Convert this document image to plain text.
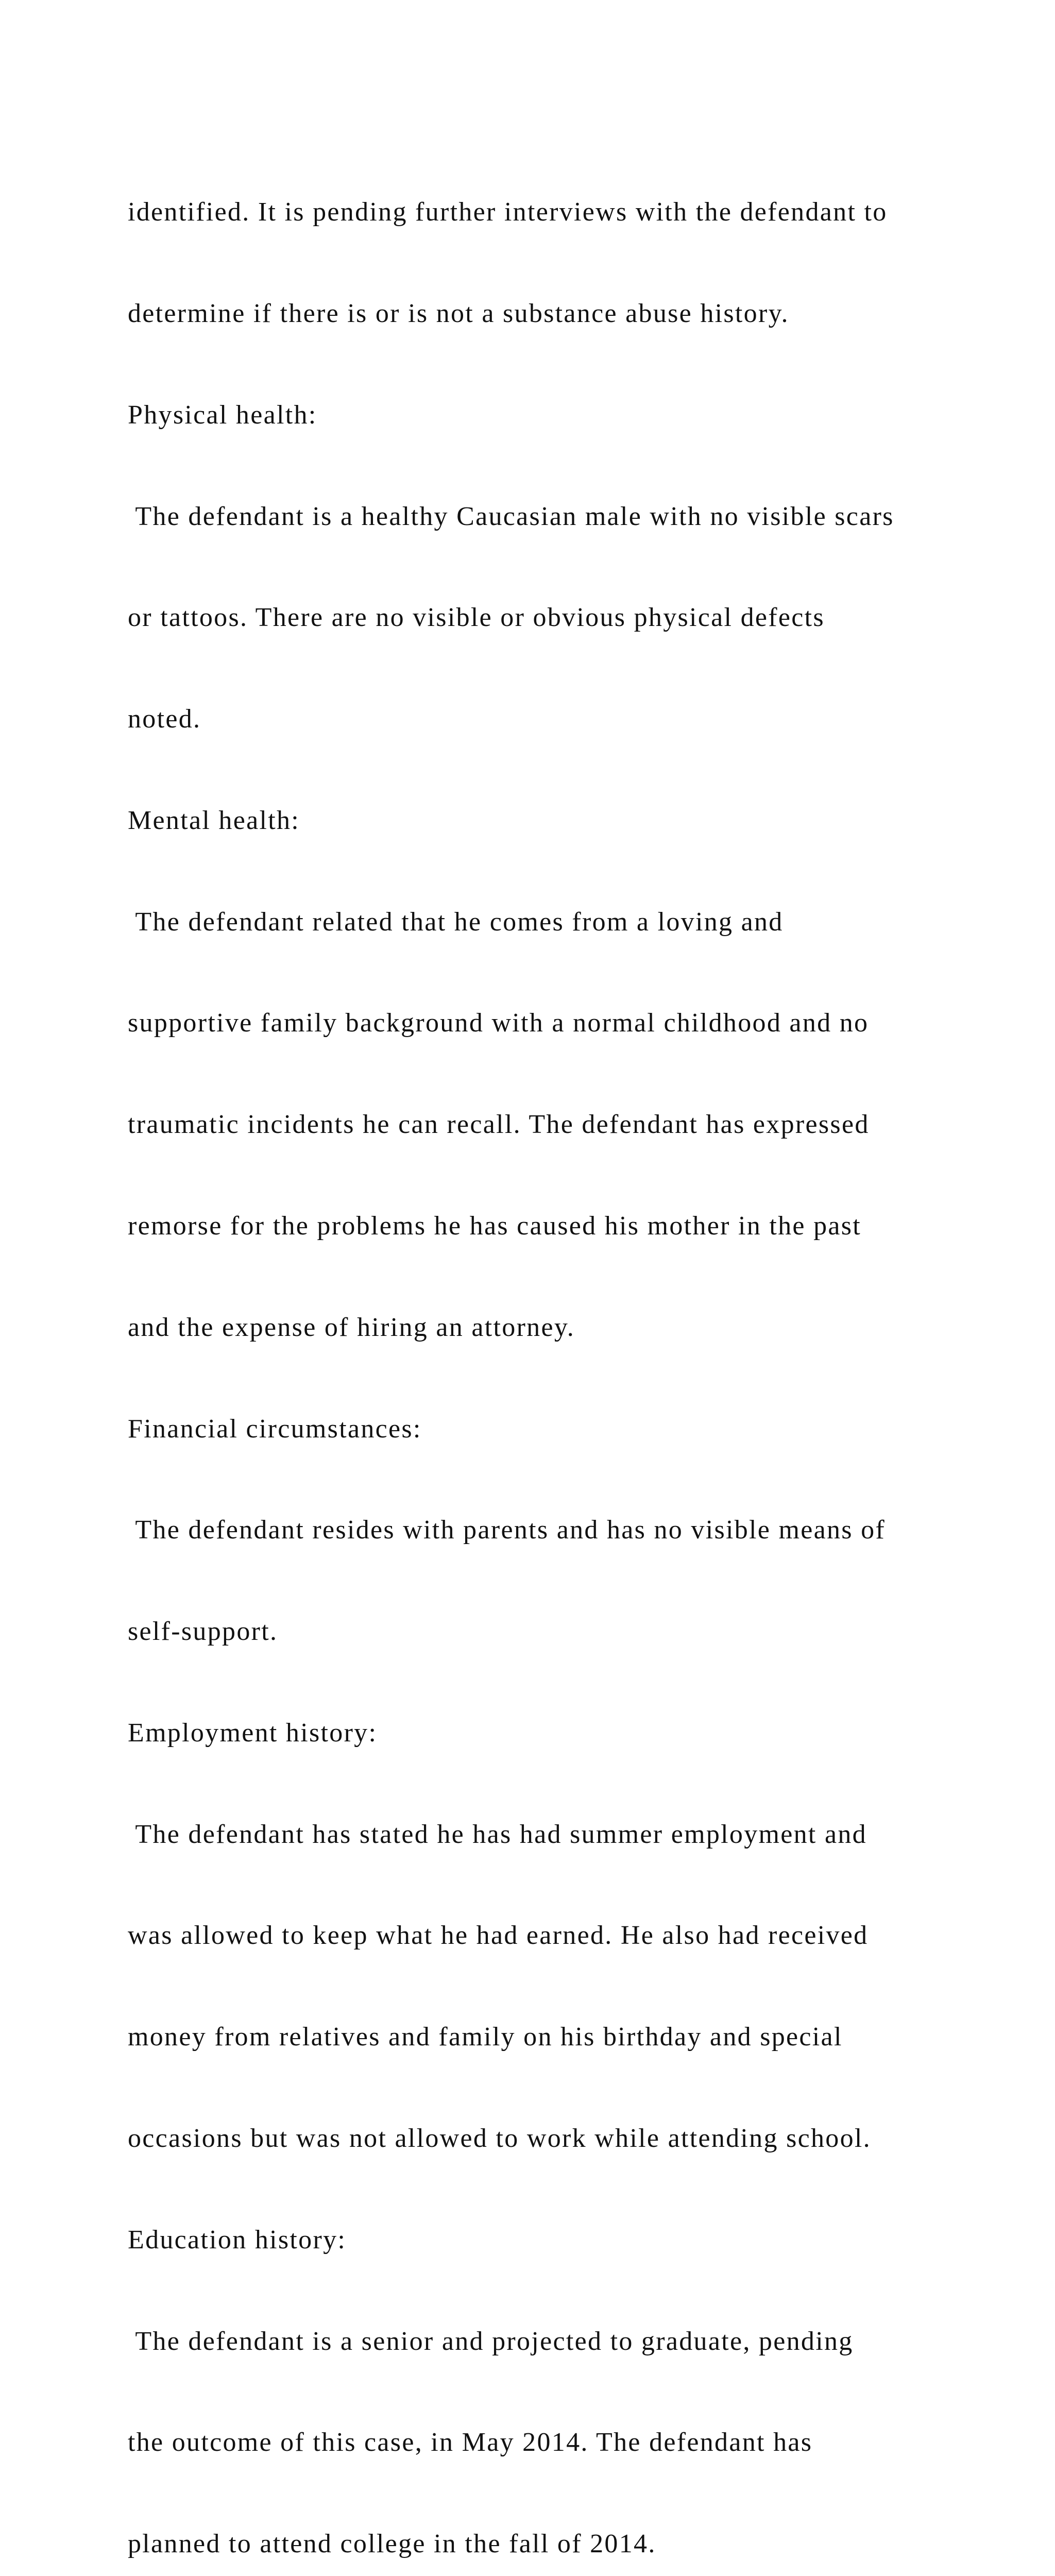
identified. It is pending further interviews with the defendant to

determine if there is or is not a substance abuse history.

Physical health:

The defendant is a healthy Caucasian male with no visible scars

or tattoos. There are no visible or obvious physical defects

noted.

Mental health:

The defendant related that he comes from a loving and

supportive family background with a normal childhood and no

traumatic incidents he can recall. The defendant has expressed

remorse for the problems he has caused his mother in the past

and the expense of hiring an attorney.

Financial circumstances:

The defendant resides with parents and has no visible means of

self-support.

Employment history:

The defendant has stated he has had summer employment and

was allowed to keep what he had earned. He also had received

money from relatives and family on his birthday and special

occasions but was not allowed to work while attending school.

Education history:

The defendant is a senior and projected to graduate, pending

the outcome of this case, in May 2014. The defendant has

planned to attend college in the fall of 2014.
